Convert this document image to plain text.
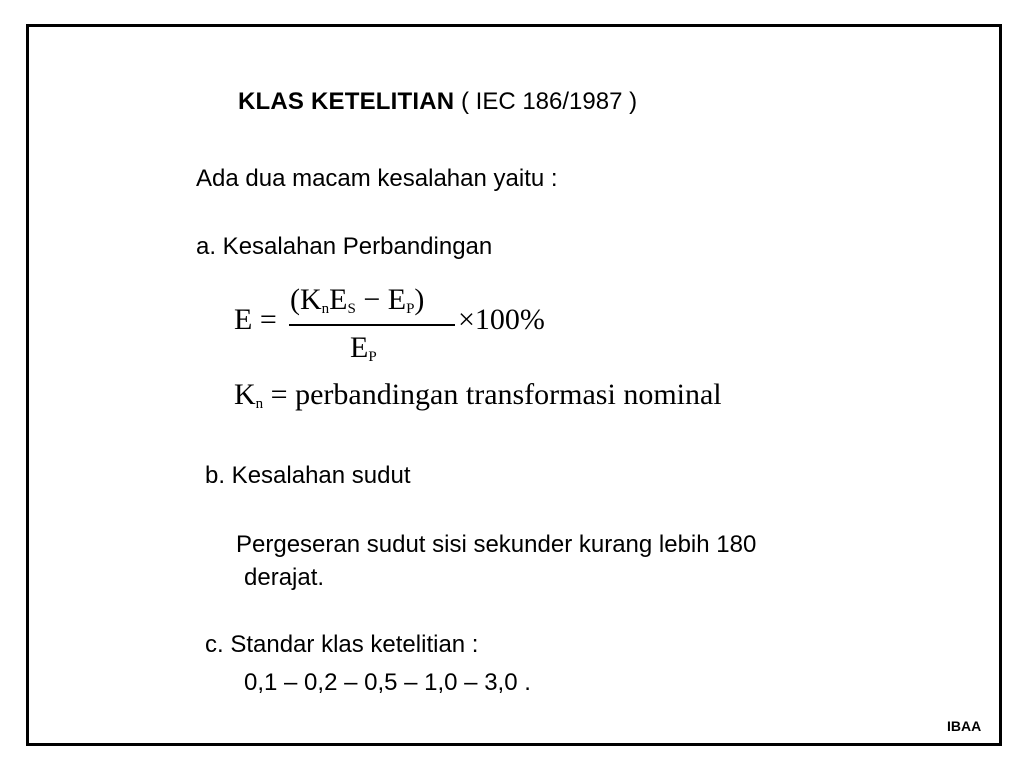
KLAS KETELITIAN ( IEC 186/1987 )
Ada dua macam kesalahan yaitu :
a. Kesalahan Perbandingan
E =
$(K_nE_S - E_P)$
$E_P$
×100%
$K_n$ = perbandingan transformasi nominal
b. Kesalahan sudut
Pergeseran sudut sisi sekunder kurang lebih 180
derajat.
c. Standar klas ketelitian :
0,1 – 0,2 – 0,5 – 1,0 – 3,0 .
IBAA
